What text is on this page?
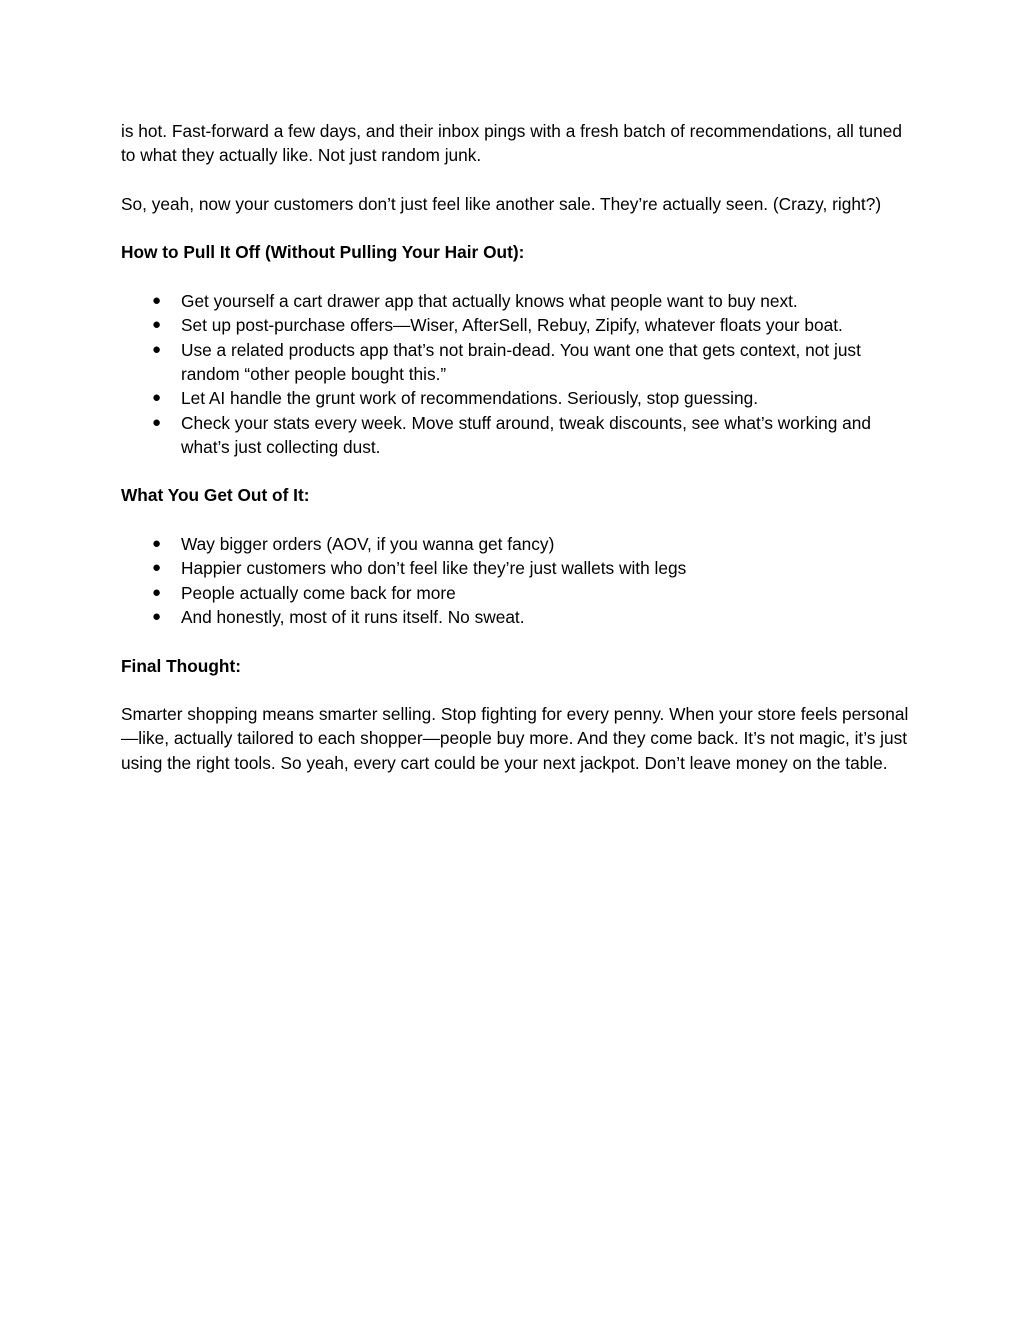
is hot. Fast-forward a few days, and their inbox pings with a fresh batch of recommendations, all tuned to what they actually like. Not just random junk.

So, yeah, now your customers don’t just feel like another sale. They’re actually seen. (Crazy, right?)

How to Pull It Off (Without Pulling Your Hair Out):

● Get yourself a cart drawer app that actually knows what people want to buy next.
● Set up post-purchase offers—Wiser, AfterSell, Rebuy, Zipify, whatever floats your boat.
● Use a related products app that’s not brain-dead. You want one that gets context, not just random “other people bought this.”
● Let AI handle the grunt work of recommendations. Seriously, stop guessing.
● Check your stats every week. Move stuff around, tweak discounts, see what’s working and what’s just collecting dust.

What You Get Out of It:

● Way bigger orders (AOV, if you wanna get fancy)
● Happier customers who don’t feel like they’re just wallets with legs
● People actually come back for more
● And honestly, most of it runs itself. No sweat.

Final Thought:

Smarter shopping means smarter selling. Stop fighting for every penny. When your store feels personal—like, actually tailored to each shopper—people buy more. And they come back. It’s not magic, it’s just using the right tools. So yeah, every cart could be your next jackpot. Don’t leave money on the table.
